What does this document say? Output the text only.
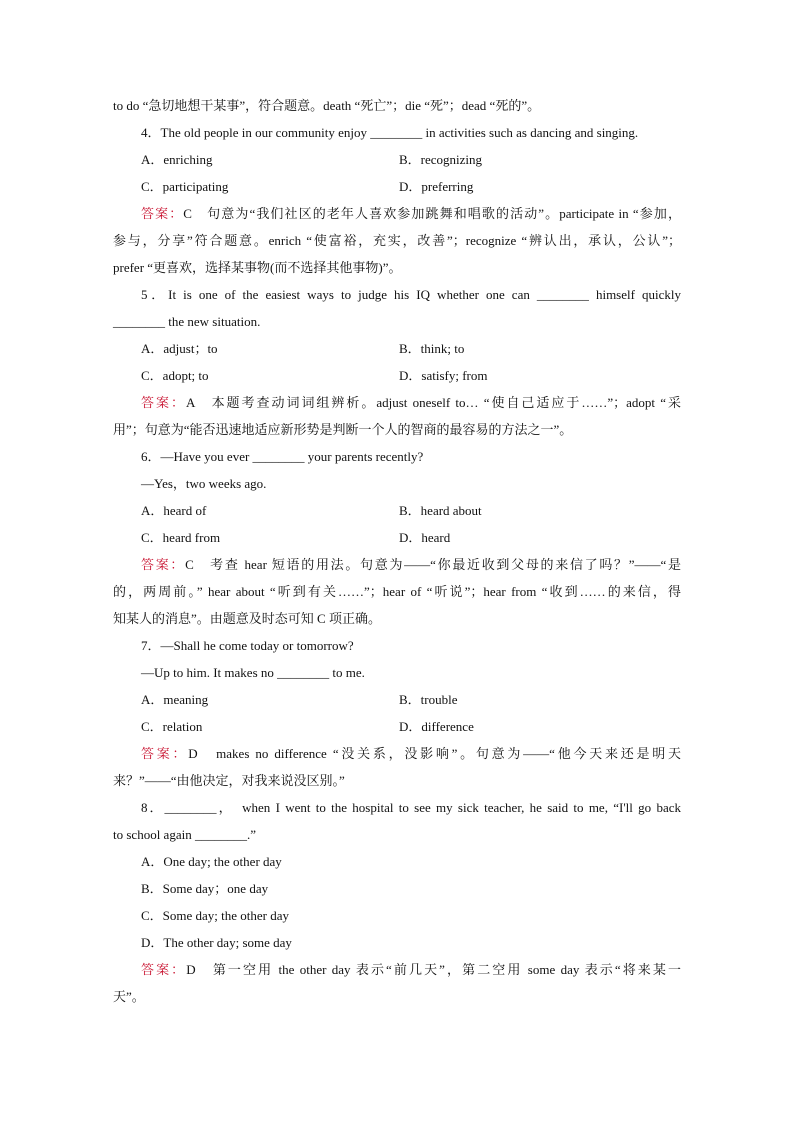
to do “急切地想干某事”，符合题意。death “死亡”；die “死”；dead “死的”。

4．The old people in our community enjoy ________ in activities such as dancing and singing.

A．enriching	B．recognizing
C．participating	D．preferring

答案：C　句意为“我们社区的老年人喜欢参加跳舞和唱歌的活动”。participate in “参加，

参与，分享”符合题意。enrich “使富裕，充实，改善”；recognize “辨认出，承认，公认”；

prefer “更喜欢，选择某事物(而不选择其他事物)”。

5．It is one of the easiest ways to judge his IQ whether one can ________ himself quickly

________ the new situation.

A．adjust；to	B．think; to
C．adopt; to	D．satisfy; from

答案：A　本题考查动词词组辨析。adjust oneself to… “使自己适应于……”；adopt “采

用”；句意为“能否迅速地适应新形势是判断一个人的智商的最容易的方法之一”。

6．—Have you ever ________ your parents recently?

—Yes，two weeks ago.

A．heard of	B．heard about
C．heard from	D．heard

答案：C　考查 hear 短语的用法。句意为——“你最近收到父母的来信了吗？”——“是

的，两周前。” hear about “听到有关……”；hear of “听说”；hear from “收到……的来信，得

知某人的消息”。由题意及时态可知 C 项正确。

7．—Shall he come today or tomorrow?

—Up to him. It makes no ________ to me.

A．meaning	B．trouble
C．relation	D．difference

答案：D　makes no difference “没关系，没影响”。句意为——“他今天来还是明天

来？”——“由他决定，对我来说没区别。”

8．________，　when I went to the hospital to see my sick teacher, he said to me, “I'll go back

to school again ________.”

A．One day; the other day

B．Some day；one day

C．Some day; the other day

D．The other day; some day

答案：D　第一空用 the other day 表示“前几天”，第二空用 some day 表示“将来某一

天”。
